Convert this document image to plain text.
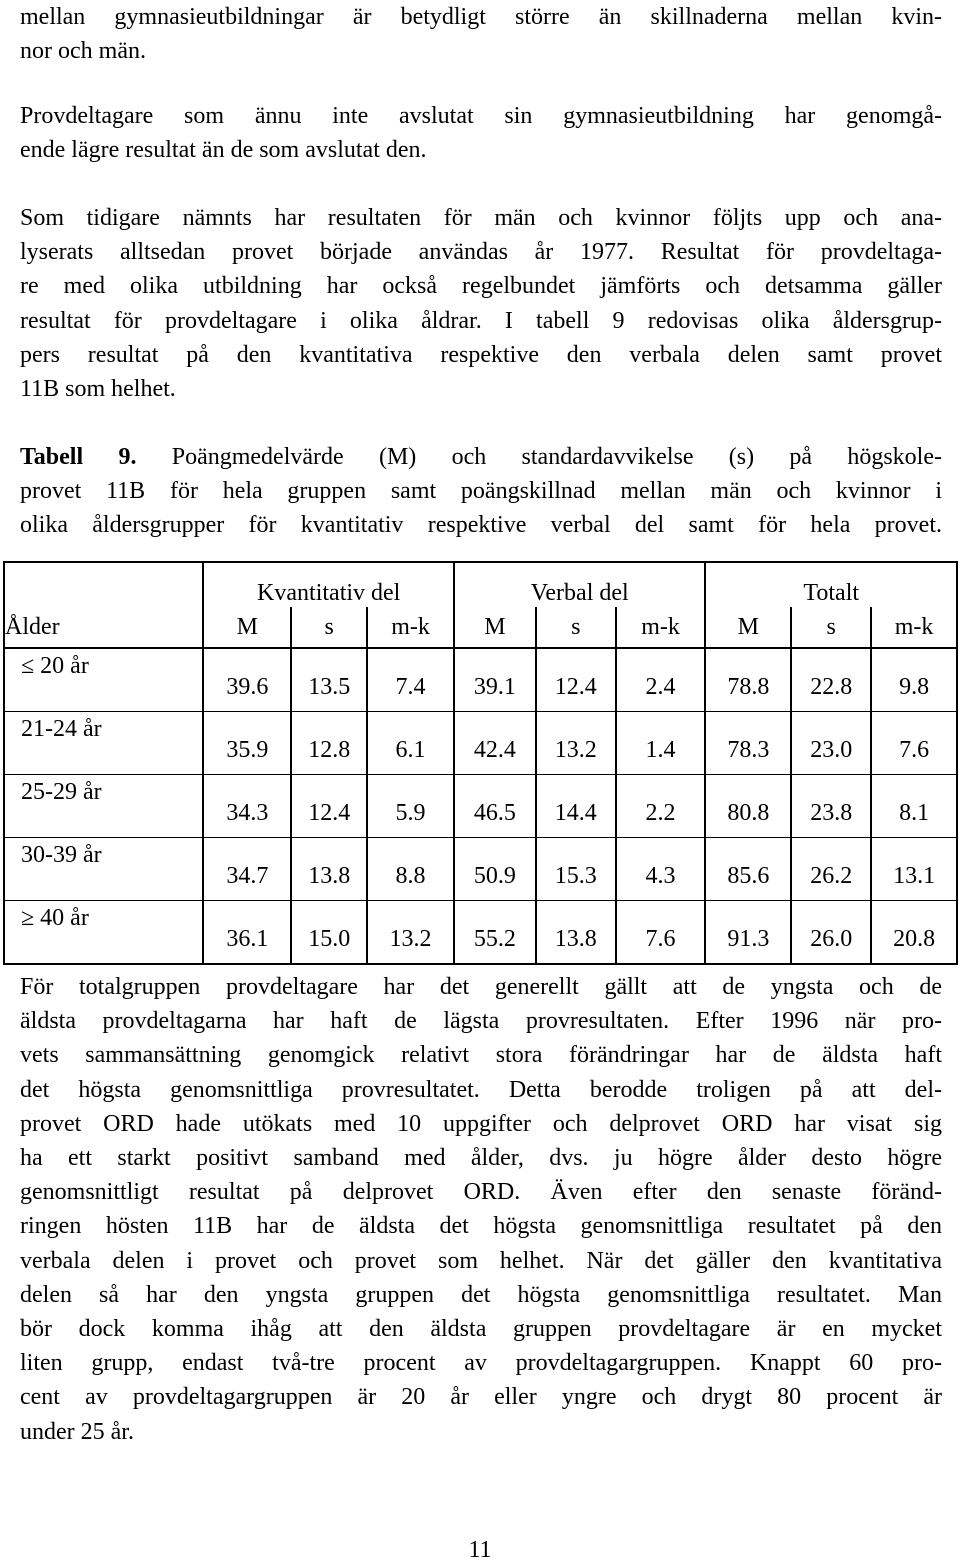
mellan gymnasieutbildningar är betydligt större än skillnaderna mellan kvin-
nor och män.

Provdeltagare som ännu inte avslutat sin gymnasieutbildning har genomgå-
ende lägre resultat än de som avslutat den.

Som tidigare nämnts har resultaten för män och kvinnor följts upp och ana-
lyserats alltsedan provet började användas år 1977. Resultat för provdeltaga-
re med olika utbildning har också regelbundet jämförts och detsamma gäller
resultat för provdeltagare i olika åldrar. I tabell 9 redovisas olika åldersgrup-
pers resultat på den kvantitativa respektive den verbala delen samt provet
11B som helhet.

Tabell 9. Poängmedelvärde (M) och standardavvikelse (s) på högskole-
provet 11B för hela gruppen samt poängskillnad mellan män och kvinnor i
olika åldersgrupper för kvantitativ respektive verbal del samt för hela provet.

	Kvantitativ del			Verbal del			Totalt		
Ålder	M	s	m-k	M	s	m-k	M	s	m-k
≤ 20 år	39.6	13.5	7.4	39.1	12.4	2.4	78.8	22.8	9.8
21-24 år	35.9	12.8	6.1	42.4	13.2	1.4	78.3	23.0	7.6
25-29 år	34.3	12.4	5.9	46.5	14.4	2.2	80.8	23.8	8.1
30-39 år	34.7	13.8	8.8	50.9	15.3	4.3	85.6	26.2	13.1
≥ 40 år	36.1	15.0	13.2	55.2	13.8	7.6	91.3	26.0	20.8

För totalgruppen provdeltagare har det generellt gällt att de yngsta och de
äldsta provdeltagarna har haft de lägsta provresultaten. Efter 1996 när pro-
vets sammansättning genomgick relativt stora förändringar har de äldsta haft
det högsta genomsnittliga provresultatet. Detta berodde troligen på att del-
provet ORD hade utökats med 10 uppgifter och delprovet ORD har visat sig
ha ett starkt positivt samband med ålder, dvs. ju högre ålder desto högre
genomsnittligt resultat på delprovet ORD. Även efter den senaste föränd-
ringen hösten 11B har de äldsta det högsta genomsnittliga resultatet på den
verbala delen i provet och provet som helhet. När det gäller den kvantitativa
delen så har den yngsta gruppen det högsta genomsnittliga resultatet. Man
bör dock komma ihåg att den äldsta gruppen provdeltagare är en mycket
liten grupp, endast två-tre procent av provdeltagargruppen. Knappt 60 pro-
cent av provdeltagargruppen är 20 år eller yngre och drygt 80 procent är
under 25 år.

11
